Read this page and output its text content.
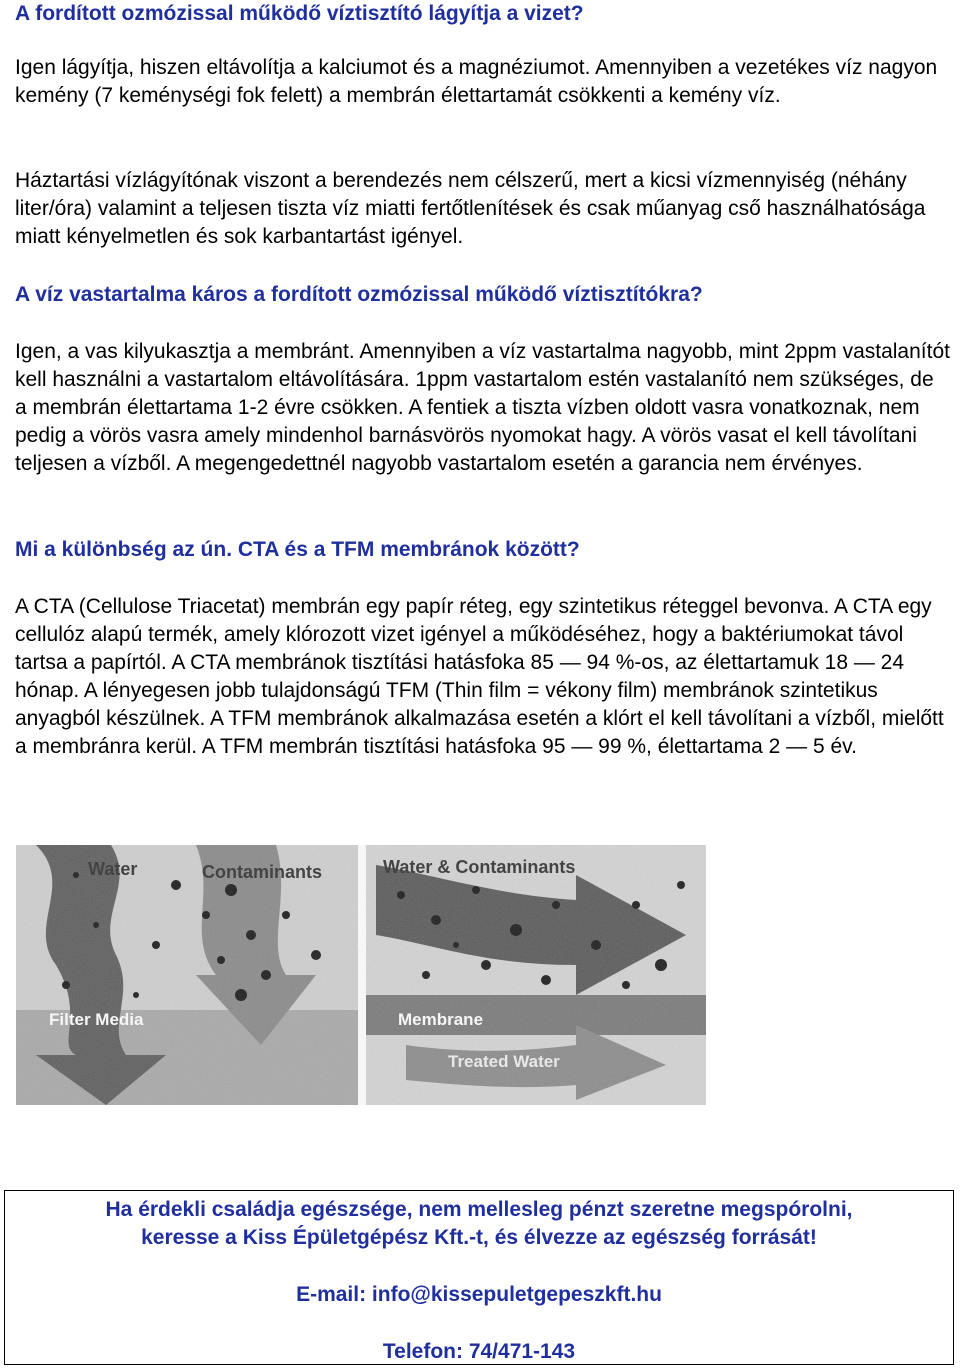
A fordított ozmózissal működő víztisztító lágyítja a vizet?

Igen lágyítja, hiszen eltávolítja a kalciumot és a magnéziumot. Amennyiben a vezetékes víz nagyon kemény (7 keménységi fok felett) a membrán élettartamát csökkenti a kemény víz.

Háztartási vízlágyítónak viszont a berendezés nem célszerű, mert a kicsi vízmennyiség (néhány liter/óra) valamint a teljesen tiszta víz miatti fertőtlenítések és csak műanyag cső használhatósága miatt kényelmetlen és sok karbantartást igényel.

A víz vastartalma káros a fordított ozmózissal működő víztisztítókra?

Igen, a vas kilyukasztja a membránt. Amennyiben a víz vastartalma nagyobb, mint 2ppm vastalanítót kell használni a vastartalom eltávolítására. 1ppm vastartalom estén vastalanító nem szükséges, de a membrán élettartama 1-2 évre csökken. A fentiek a tiszta vízben oldott vasra vonatkoznak, nem pedig a vörös vasra amely mindenhol barnásvörös nyomokat hagy. A vörös vasat el kell távolítani teljesen a vízből. A megengedettnél nagyobb vastartalom esetén a garancia nem érvényes.

Mi a különbség az ún. CTA és a TFM membránok között?

A CTA (Cellulose Triacetat) membrán egy papír réteg, egy szintetikus réteggel bevonva. A CTA egy cellulóz alapú termék, amely klórozott vizet igényel a működéséhez, hogy a baktériumokat távol tartsa a papírtól. A CTA membránok tisztítási hatásfoka 85 — 94 %-os, az élettartamuk 18 — 24 hónap. A lényegesen jobb tulajdonságú TFM (Thin film = vékony film) membránok szintetikus anyagból készülnek. A TFM membránok alkalmazása esetén a klórt el kell távolítani a vízből, mielőtt a membránra kerül. A TFM membrán tisztítási hatásfoka 95 — 99 %, élettartama 2 — 5 év.

Ha érdekli családja egészsége, nem mellesleg pénzt szeretne megspórolni,
keresse a Kiss Épületgépész Kft.-t, és élvezze az egészség forrását!
E-mail: info@kissepuletgepeszkft.hu
Telefon: 74/471-143
